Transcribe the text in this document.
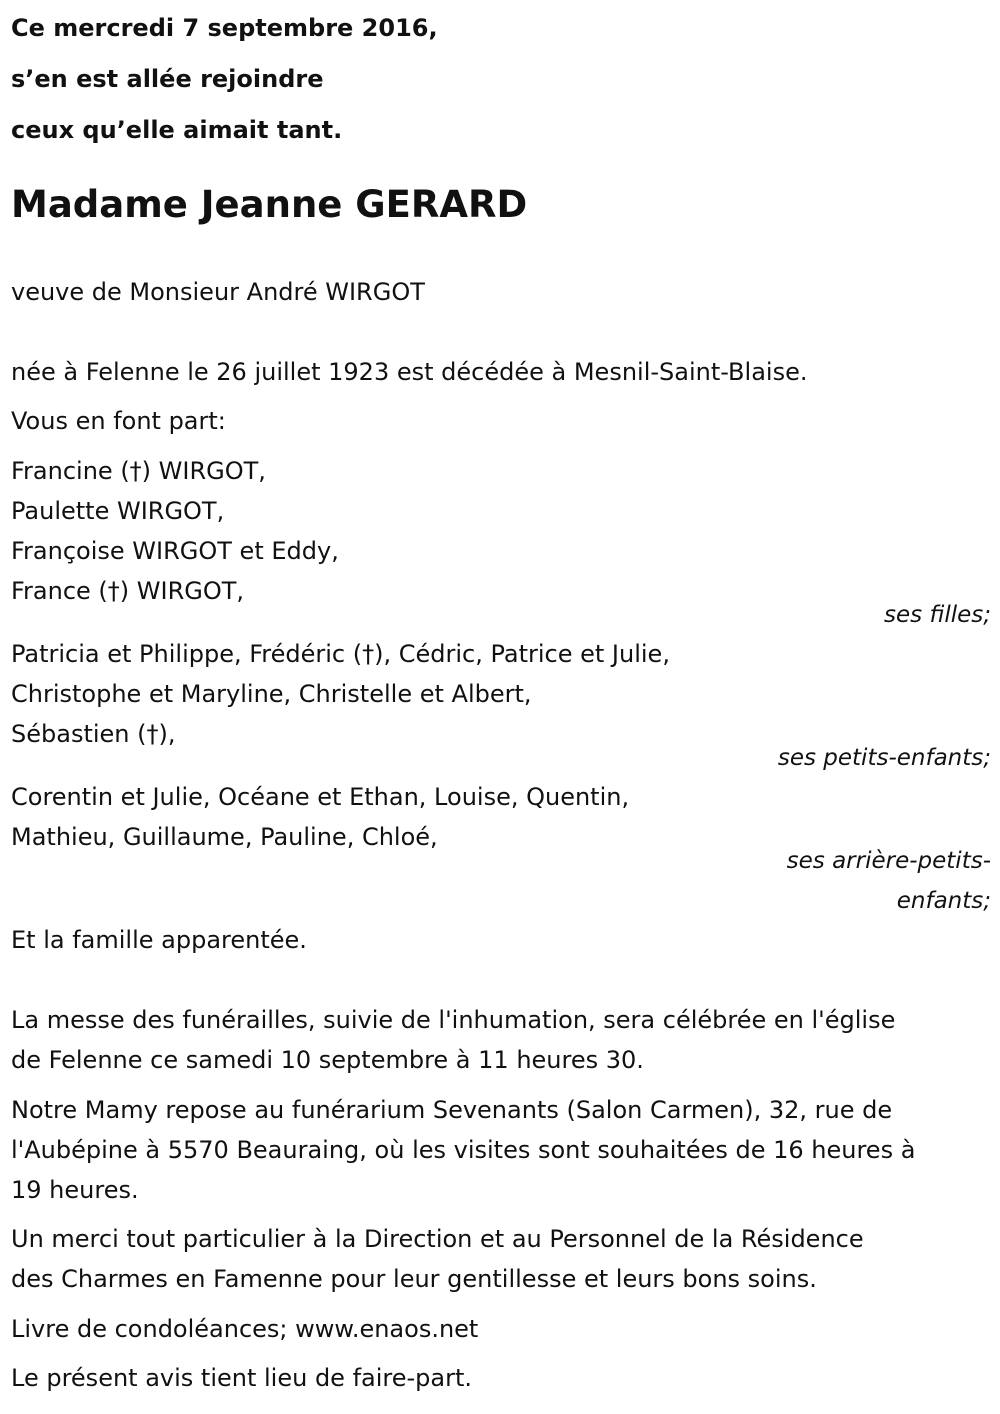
Ce mercredi 7 septembre 2016,

s’en est allée rejoindre

ceux qu’elle aimait tant.

Madame Jeanne GERARD

veuve de Monsieur André WIRGOT

née à Felenne le 26 juillet 1923 est décédée à Mesnil-Saint-Blaise.

Vous en font part:

Francine (†) WIRGOT,

Paulette WIRGOT,

Françoise WIRGOT et Eddy,

France (†) WIRGOT,

ses filles;

Patricia et Philippe, Frédéric (†), Cédric, Patrice et Julie,

Christophe et Maryline, Christelle et Albert,

Sébastien (†),

ses petits-enfants;

Corentin et Julie, Océane et Ethan, Louise, Quentin,

Mathieu, Guillaume, Pauline, Chloé,

ses arrière-petits-

enfants;

Et la famille apparentée.

La messe des funérailles, suivie de l'inhumation, sera célébrée en l'église

de Felenne ce samedi 10 septembre à 11 heures 30.

Notre Mamy repose au funérarium Sevenants (Salon Carmen), 32, rue de

l'Aubépine à 5570 Beauraing, où les visites sont souhaitées de 16 heures à

19 heures.

Un merci tout particulier à la Direction et au Personnel de la Résidence

des Charmes en Famenne pour leur gentillesse et leurs bons soins.

Livre de condoléances; www.enaos.net

Le présent avis tient lieu de faire-part.
